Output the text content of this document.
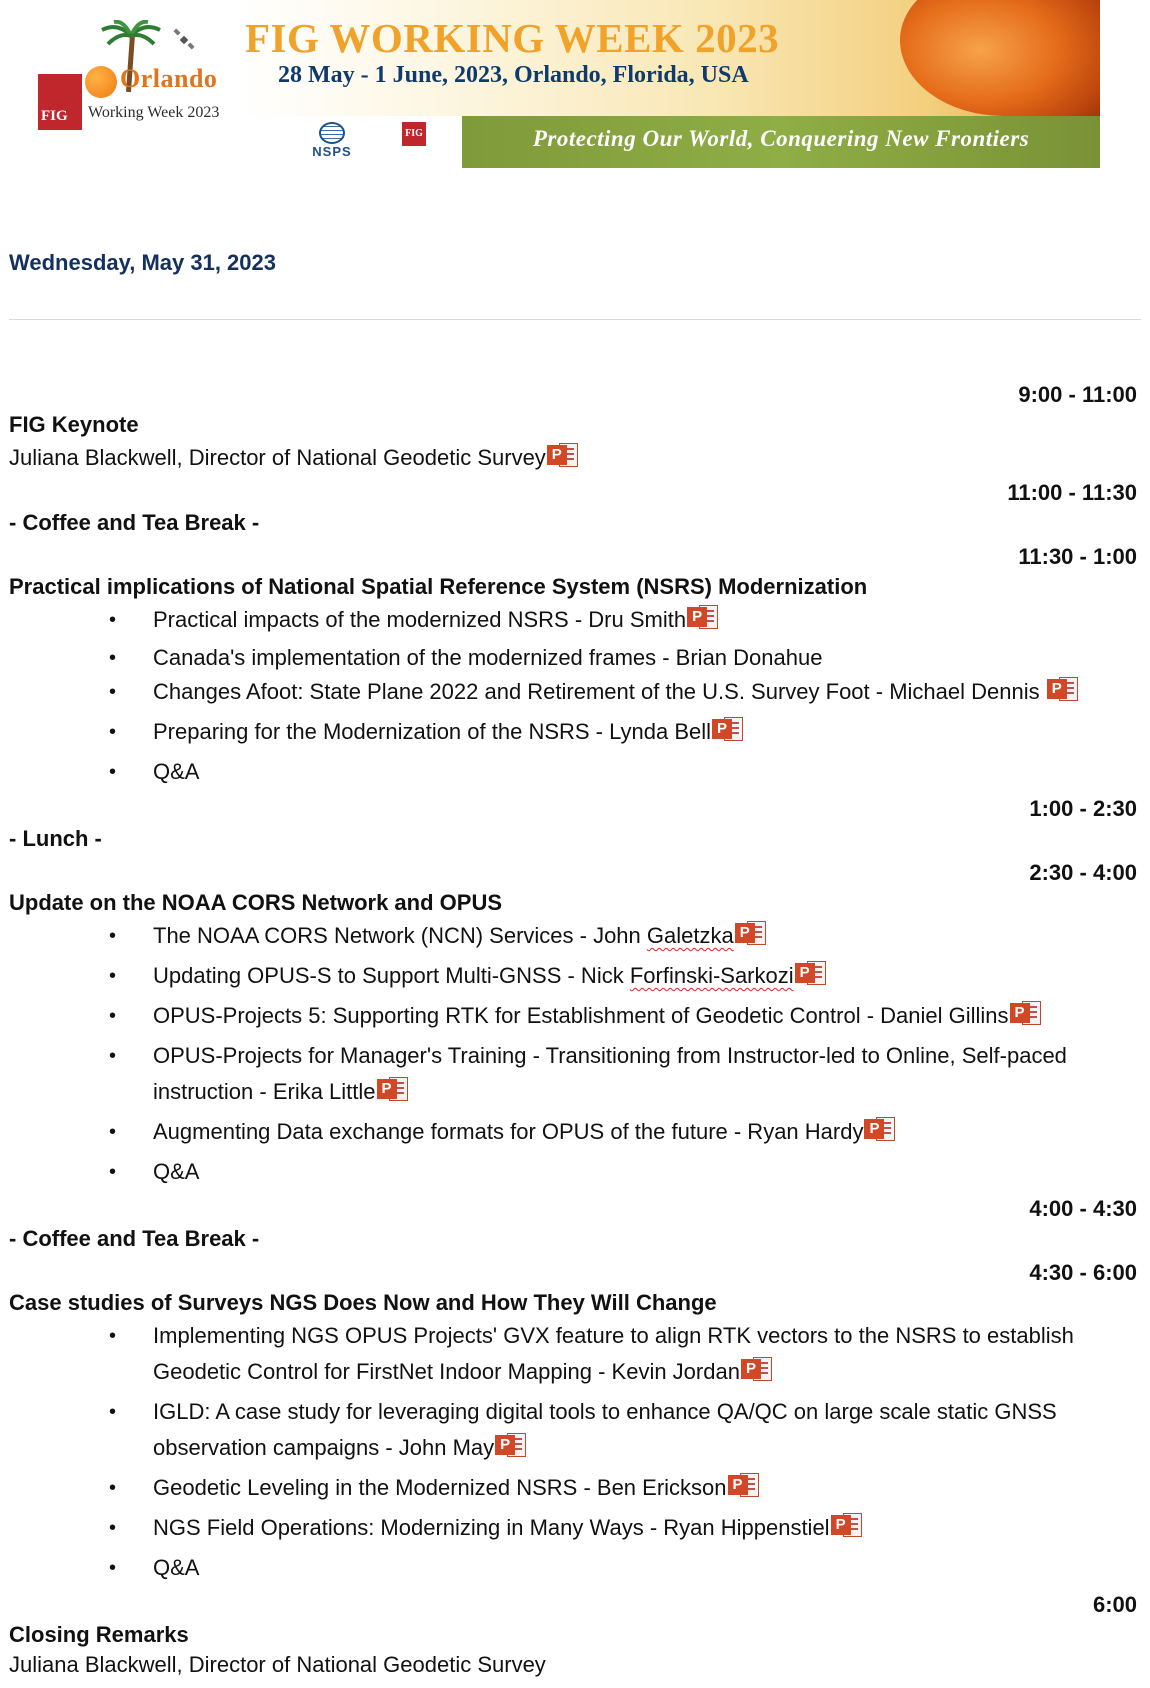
FIG
Orlando
Working Week 2023
FIG WORKING WEEK 2023
28 May - 1 June, 2023, Orlando, Florida, USA
NSPS
FIG	Protecting Our World, Conquering New Frontiers
Wednesday, May 31, 2023
9:00 - 11:00
FIG Keynote
Juliana Blackwell, Director of National Geodetic Survey P
11:00 - 11:30
- Coffee and Tea Break -
11:30 - 1:00
Practical implications of National Spatial Reference System (NSRS) Modernization
• Practical impacts of the modernized NSRS - Dru Smith P
• Canada's implementation of the modernized frames - Brian Donahue
• Changes Afoot: State Plane 2022 and Retirement of the U.S. Survey Foot - Michael Dennis P
• Preparing for the Modernization of the NSRS - Lynda Bell P
• Q&A
1:00 - 2:30
- Lunch -
2:30 - 4:00
Update on the NOAA CORS Network and OPUS
• The NOAA CORS Network (NCN) Services - John Galetzka P
• Updating OPUS-S to Support Multi-GNSS - Nick Forfinski-Sarkozi P
• OPUS-Projects 5: Supporting RTK for Establishment of Geodetic Control - Daniel Gillins P
• OPUS-Projects for Manager's Training - Transitioning from Instructor-led to Online, Self-paced instruction - Erika Little P
• Augmenting Data exchange formats for OPUS of the future - Ryan Hardy P
• Q&A
4:00 - 4:30
- Coffee and Tea Break -
4:30 - 6:00
Case studies of Surveys NGS Does Now and How They Will Change
• Implementing NGS OPUS Projects' GVX feature to align RTK vectors to the NSRS to establish Geodetic Control for FirstNet Indoor Mapping - Kevin Jordan P
• IGLD: A case study for leveraging digital tools to enhance QA/QC on large scale static GNSS observation campaigns - John May P
• Geodetic Leveling in the Modernized NSRS - Ben Erickson P
• NGS Field Operations: Modernizing in Many Ways - Ryan Hippenstiel P
• Q&A
6:00
Closing Remarks
Juliana Blackwell, Director of National Geodetic Survey
